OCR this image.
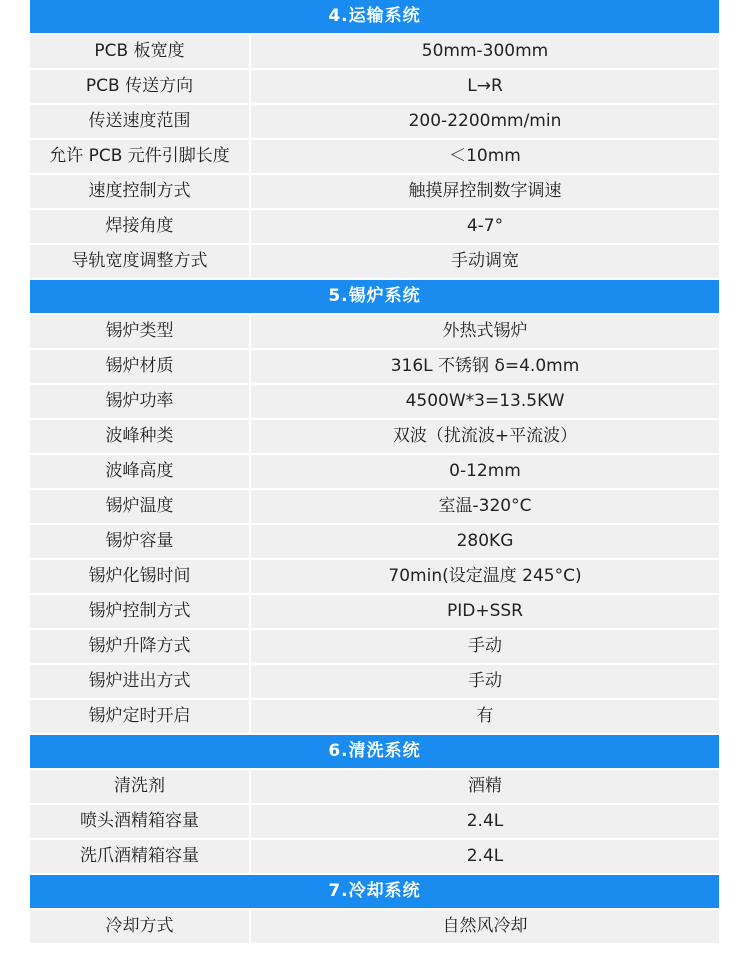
4.运输系统
PCB 板宽度	50mm-300mm
PCB 传送方向	L→R
传送速度范围	200-2200mm/min
允许 PCB 元件引脚长度	＜10mm
速度控制方式	触摸屏控制数字调速
焊接角度	4-7°
导轨宽度调整方式	手动调宽
5.锡炉系统
锡炉类型	外热式锡炉
锡炉材质	316L 不锈钢 δ=4.0mm
锡炉功率	4500W*3=13.5KW
波峰种类	双波（扰流波+平流波）
波峰高度	0-12mm
锡炉温度	室温-320°C
锡炉容量	280KG
锡炉化锡时间	70min(设定温度 245°C)
锡炉控制方式	PID+SSR
锡炉升降方式	手动
锡炉进出方式	手动
锡炉定时开启	有
6.清洗系统
清洗剂	酒精
喷头酒精箱容量	2.4L
洗爪酒精箱容量	2.4L
7.冷却系统
冷却方式	自然风冷却
